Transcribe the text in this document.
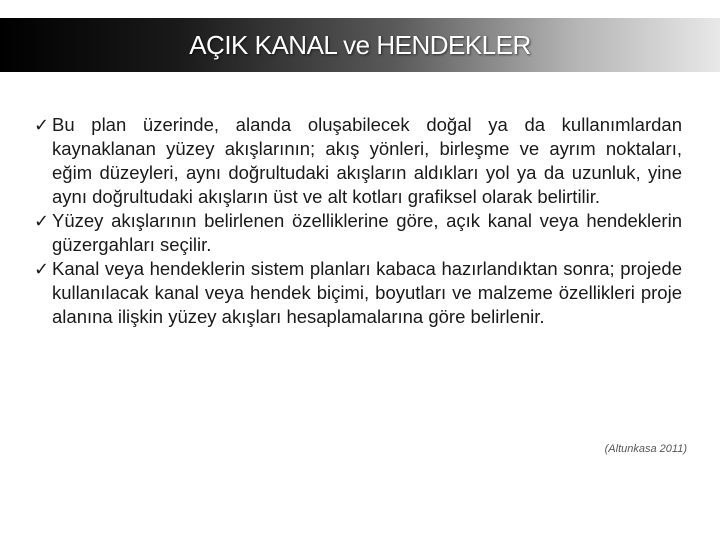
AÇIK KANAL ve HENDEKLER
✓ Bu plan üzerinde, alanda oluşabilecek doğal ya da kullanımlardan kaynaklanan yüzey akışlarının; akış yönleri, birleşme ve ayrım noktaları, eğim düzeyleri, aynı doğrultudaki akışların aldıkları yol ya da uzunluk, yine aynı doğrultudaki akışların üst ve alt kotları grafiksel olarak belirtilir.
✓ Yüzey akışlarının belirlenen özelliklerine göre, açık kanal veya hendeklerin güzergahları seçilir.
✓ Kanal veya hendeklerin sistem planları kabaca hazırlandıktan sonra; projede kullanılacak kanal veya hendek biçimi, boyutları ve malzeme özellikleri proje alanına ilişkin yüzey akışları hesaplamalarına göre belirlenir.
(Altunkasa 2011)
